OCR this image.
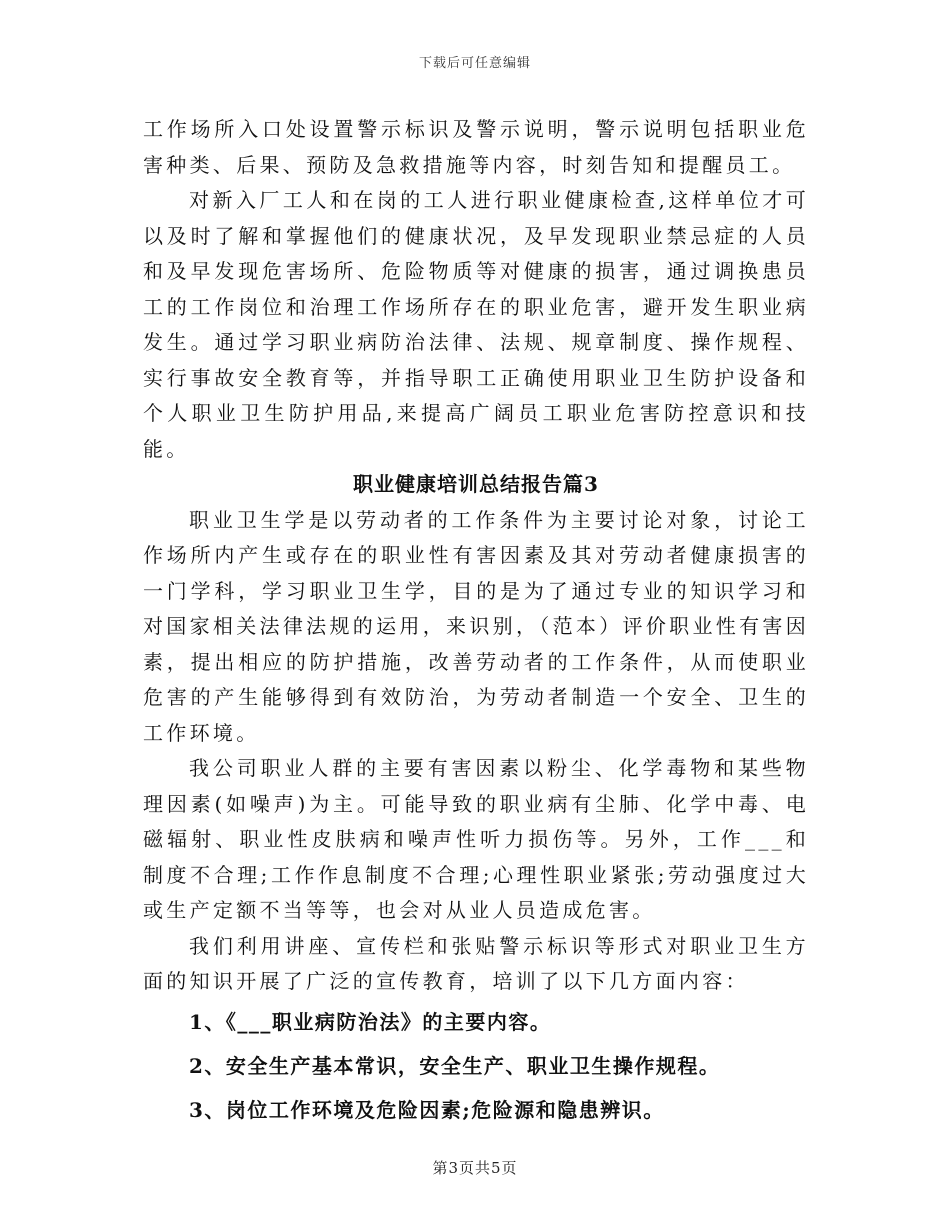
下载后可任意编辑

工作场所入口处设置警示标识及警示说明，警示说明包括职业危害种类、后果、预防及急救措施等内容，时刻告知和提醒员工。

对新入厂工人和在岗的工人进行职业健康检查,这样单位才可以及时了解和掌握他们的健康状况，及早发现职业禁忌症的人员和及早发现危害场所、危险物质等对健康的损害，通过调换患员工的工作岗位和治理工作场所存在的职业危害，避开发生职业病发生。通过学习职业病防治法律、法规、规章制度、操作规程、实行事故安全教育等，并指导职工正确使用职业卫生防护设备和个人职业卫生防护用品,来提高广阔员工职业危害防控意识和技能。

职业健康培训总结报告篇3

职业卫生学是以劳动者的工作条件为主要讨论对象，讨论工作场所内产生或存在的职业性有害因素及其对劳动者健康损害的一门学科，学习职业卫生学，目的是为了通过专业的知识学习和对国家相关法律法规的运用，来识别，（范本）评价职业性有害因素，提出相应的防护措施，改善劳动者的工作条件，从而使职业危害的产生能够得到有效防治，为劳动者制造一个安全、卫生的工作环境。

我公司职业人群的主要有害因素以粉尘、化学毒物和某些物理因素(如噪声)为主。可能导致的职业病有尘肺、化学中毒、电磁辐射、职业性皮肤病和噪声性听力损伤等。另外，工作___和制度不合理;工作作息制度不合理;心理性职业紧张;劳动强度过大或生产定额不当等等，也会对从业人员造成危害。

我们利用讲座、宣传栏和张贴警示标识等形式对职业卫生方面的知识开展了广泛的宣传教育，培训了以下几方面内容：

1、《___职业病防治法》的主要内容。

2、安全生产基本常识，安全生产、职业卫生操作规程。

3、岗位工作环境及危险因素;危险源和隐患辨识。

第3页共5页
